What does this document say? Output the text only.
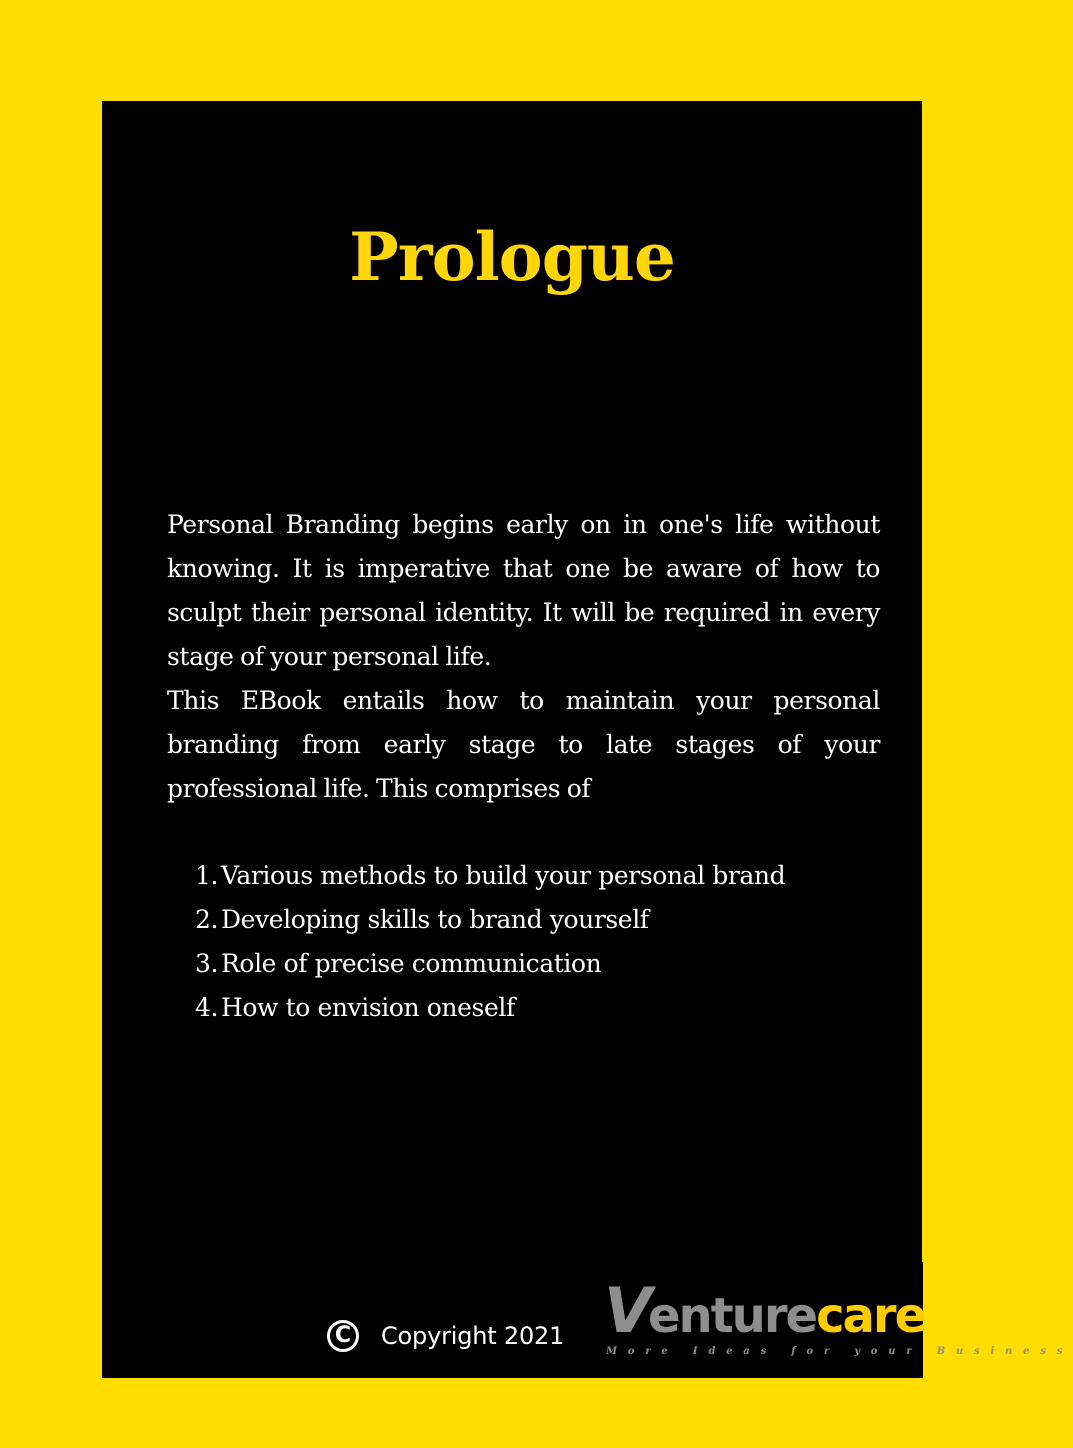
Prologue

Personal Branding begins early on in one's life without knowing. It is imperative that one be aware of how to sculpt their personal identity. It will be required in every stage of your personal life.

This EBook entails how to maintain your personal branding from early stage to late stages of your professional life. This comprises of

1. Various methods to build your personal brand
2. Developing skills to brand yourself
3. Role of precise communication
4. How to envision oneself
C	Copyright 2021 Venture care
More Ideas for your Business
